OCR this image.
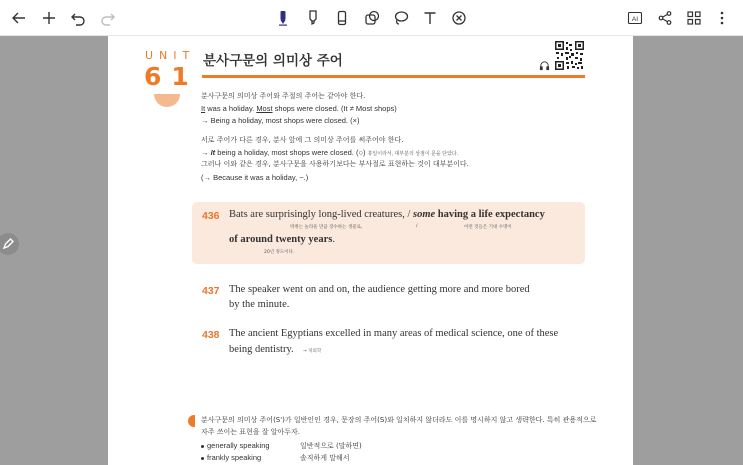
AI
UNIT
61
분사구문의 의미상 주어
분사구문의 의미상 주어와 주절의 주어는 같아야 한다.
It was a holiday. Most shops were closed. (It ≠ Most shops)
→ Being a holiday, most shops were closed. (×)
서로 주어가 다른 경우, 분사 앞에 그 의미상 주어를 써주어야 한다.
→ It being a holiday, most shops were closed. (○) 휴일이라서, 대부분의 상점이 문을 닫았다.
그러나 이와 같은 경우, 분사구문을 사용하기보다는 부사절로 표현하는 것이 대부분이다.
(→ Because it was a holiday, ~.)
436 Bats are surprisingly long-lived creatures, / some having a life expectancy
박쥐는 놀라울 만큼 장수하는 생물로,	/	어떤 것들은 기대 수명이
of around twenty years.
20년 정도이다.
437 The speaker went on and on, the audience getting more and more bored
by the minute.
438 The ancient Egyptians excelled in many areas of medical science, one of these
being dentistry. → 치의학
분사구문의 의미상 주어(S')가 일반인인 경우, 문장의 주어(S)와 일치하지 않더라도 이를 명시하지 않고 생략한다. 특히 관용적으로
자주 쓰이는 표현을 잘 알아두자.
generally speaking	일반적으로 (말하면)
frankly speaking	솔직하게 말해서
